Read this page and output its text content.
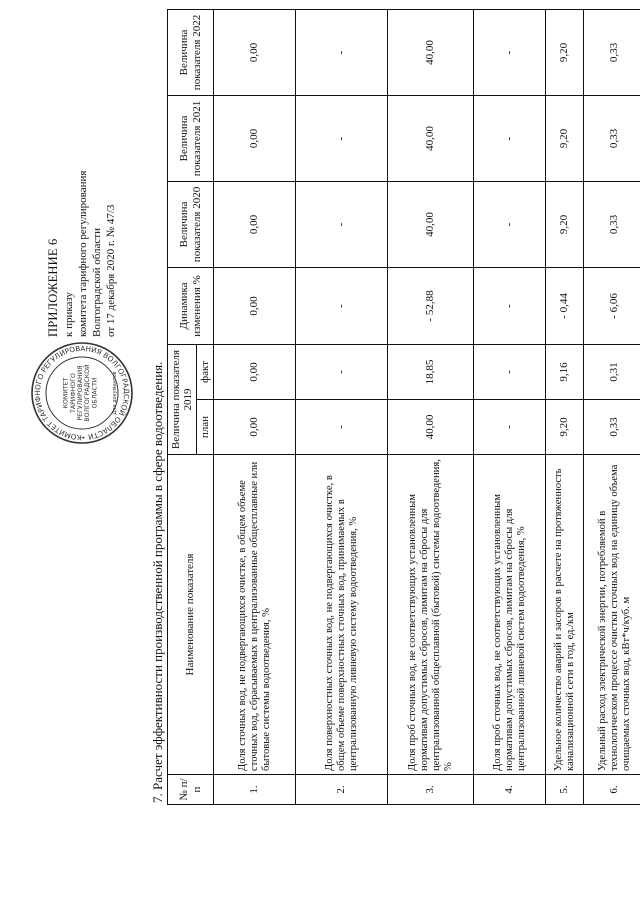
КОМИТЕТ ТАРИФНОГО РЕГУЛИРОВАНИЯ ВОЛГОГРАДСКОЙ ОБЛАСТИ •
КОМИТЕТ ТАРИФНОГО РЕГУЛИРОВАНИЯ ВОЛГОГРАДСКОЙ ОБЛАСТИ	Для документов
ПРИЛОЖЕНИЕ 6 к приказу комитета тарифного регулирования Волгоградской области от 17 декабря 2020 г. № 47/3
7. Расчет эффективности производственной программы в сфере водоотведения. № п/п	Наименование показателя	Величина показателя 2019		Динамика изменения %	Величина показателя 2020	Величина показателя 2021	Величина показателя 2022
		план	факт				
1.	Доля сточных вод, не подвергающихся очистке, в общем объеме сточных вод, сбрасываемых в централизованные общесплавные или бытовые системы водоотведения, %	0,00	0,00	0,00	0,00	0,00	0,00
2.	Доля поверхностных сточных вод, не подвергающихся очистке, в общем объеме поверхностных сточных вод, принимаемых в централизованную ливневую систему водоотведения, %	-	-	-	-	-	-
3.	Доля проб сточных вод, не соответствующих установленным нормативам допустимых сбросов, лимитам на сбросы для централизованной общесплавной (бытовой) системы водоотведения, %	40,00	18,85	- 52,88	40,00	40,00	40,00
4.	Доля проб сточных вод, не соответствующих установленным нормативам допустимых сбросов, лимитам на сбросы для централизованной ливневой систем водоотведения, %	-	-	-	-	-	-
5.	Удельное количество аварий и засоров в расчете на протяженность канализационной сети в год, ед./км	9,20	9,16	- 0,44	9,20	9,20	9,20
6.	Удельный расход электрической энергии, потребляемой в технологическом процессе очистки сточных вод на единицу объема очищаемых сточных вод, кВт*ч/куб. м	0,33	0,31	- 6,06	0,33	0,33	0,33
